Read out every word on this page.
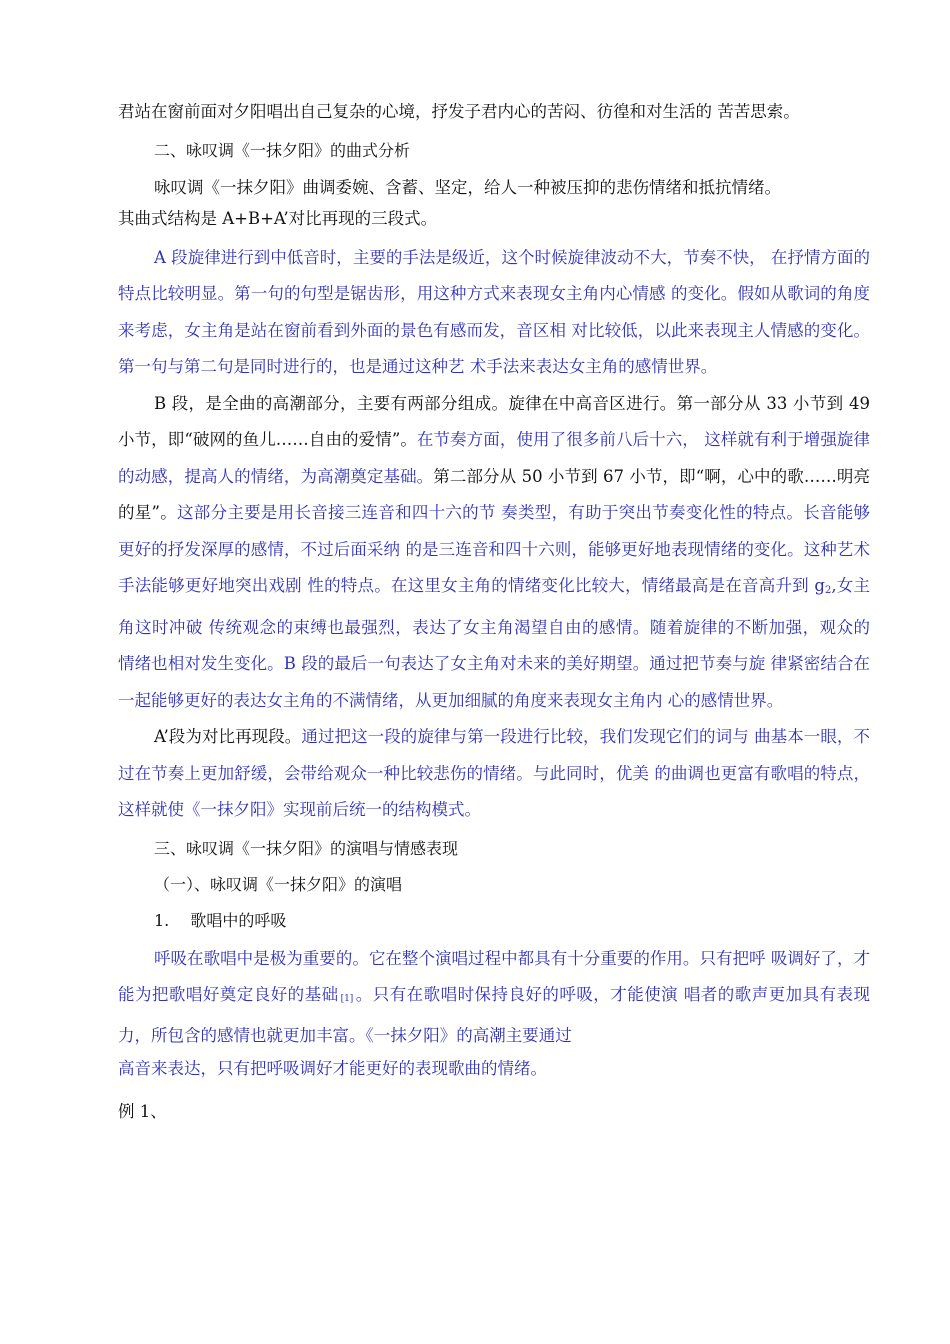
君站在窗前面对夕阳唱出自己复杂的心境，抒发子君内心的苦闷、彷徨和对生活的 苦苦思索。

二、咏叹调《一抹夕阳》的曲式分析

咏叹调《一抹夕阳》曲调委婉、含蓄、坚定，给人一种被压抑的悲伤情绪和抵抗情绪。

其曲式结构是 A+B+A’对比再现的三段式。

A 段旋律进行到中低音时，主要的手法是级近，这个时候旋律波动不大，节奏不快， 在抒情方面的特点比较明显。第一句的句型是锯齿形，用这种方式来表现女主角内心情感 的变化。假如从歌词的角度来考虑，女主角是站在窗前看到外面的景色有感而发，音区相 对比较低，以此来表现主人情感的变化。第一句与第二句是同时进行的，也是通过这种艺 术手法来表达女主角的感情世界。

B 段，是全曲的高潮部分，主要有两部分组成。旋律在中高音区进行。第一部分从 33 小节到 49 小节，即“破网的鱼儿……自由的爱情”。在节奏方面，使用了很多前八后十六， 这样就有利于增强旋律的动感，提高人的情绪，为高潮奠定基础。第二部分从 50 小节到 67 小节，即“啊，心中的歌……明亮的星”。这部分主要是用长音接三连音和四十六的节 奏类型，有助于突出节奏变化性的特点。长音能够更好的抒发深厚的感情，不过后面采纳 的是三连音和四十六则，能够更好地表现情绪的变化。这种艺术手法能够更好地突出戏剧 性的特点。在这里女主角的情绪变化比较大，情绪最高是在音高升到 $g_2$,女主角这时冲破 传统观念的束缚也最强烈，表达了女主角渴望自由的感情。随着旋律的不断加强，观众的 情绪也相对发生变化。B 段的最后一句表达了女主角对未来的美好期望。通过把节奏与旋 律紧密结合在一起能够更好的表达女主角的不满情绪，从更加细腻的角度来表现女主角内 心的感情世界。

A’段为对比再现段。通过把这一段的旋律与第一段进行比较，我们发现它们的词与 曲基本一眼，不过在节奏上更加舒缓，会带给观众一种比较悲伤的情绪。与此同时，优美 的曲调也更富有歌唱的特点，这样就使《一抹夕阳》实现前后统一的结构模式。

三、咏叹调《一抹夕阳》的演唱与情感表现

（一）、咏叹调《一抹夕阳》的演唱

1.　 歌唱中的呼吸

呼吸在歌唱中是极为重要的。它在整个演唱过程中都具有十分重要的作用。只有把呼 吸调好了，才能为把歌唱好奠定良好的基础 [1] 。只有在歌唱时保持良好的呼吸，才能使演 唱者的歌声更加具有表现力，所包含的感情也就更加丰富。《一抹夕阳》的高潮主要通过

高音来表达，只有把呼吸调好才能更好的表现歌曲的情绪。

例 1、
